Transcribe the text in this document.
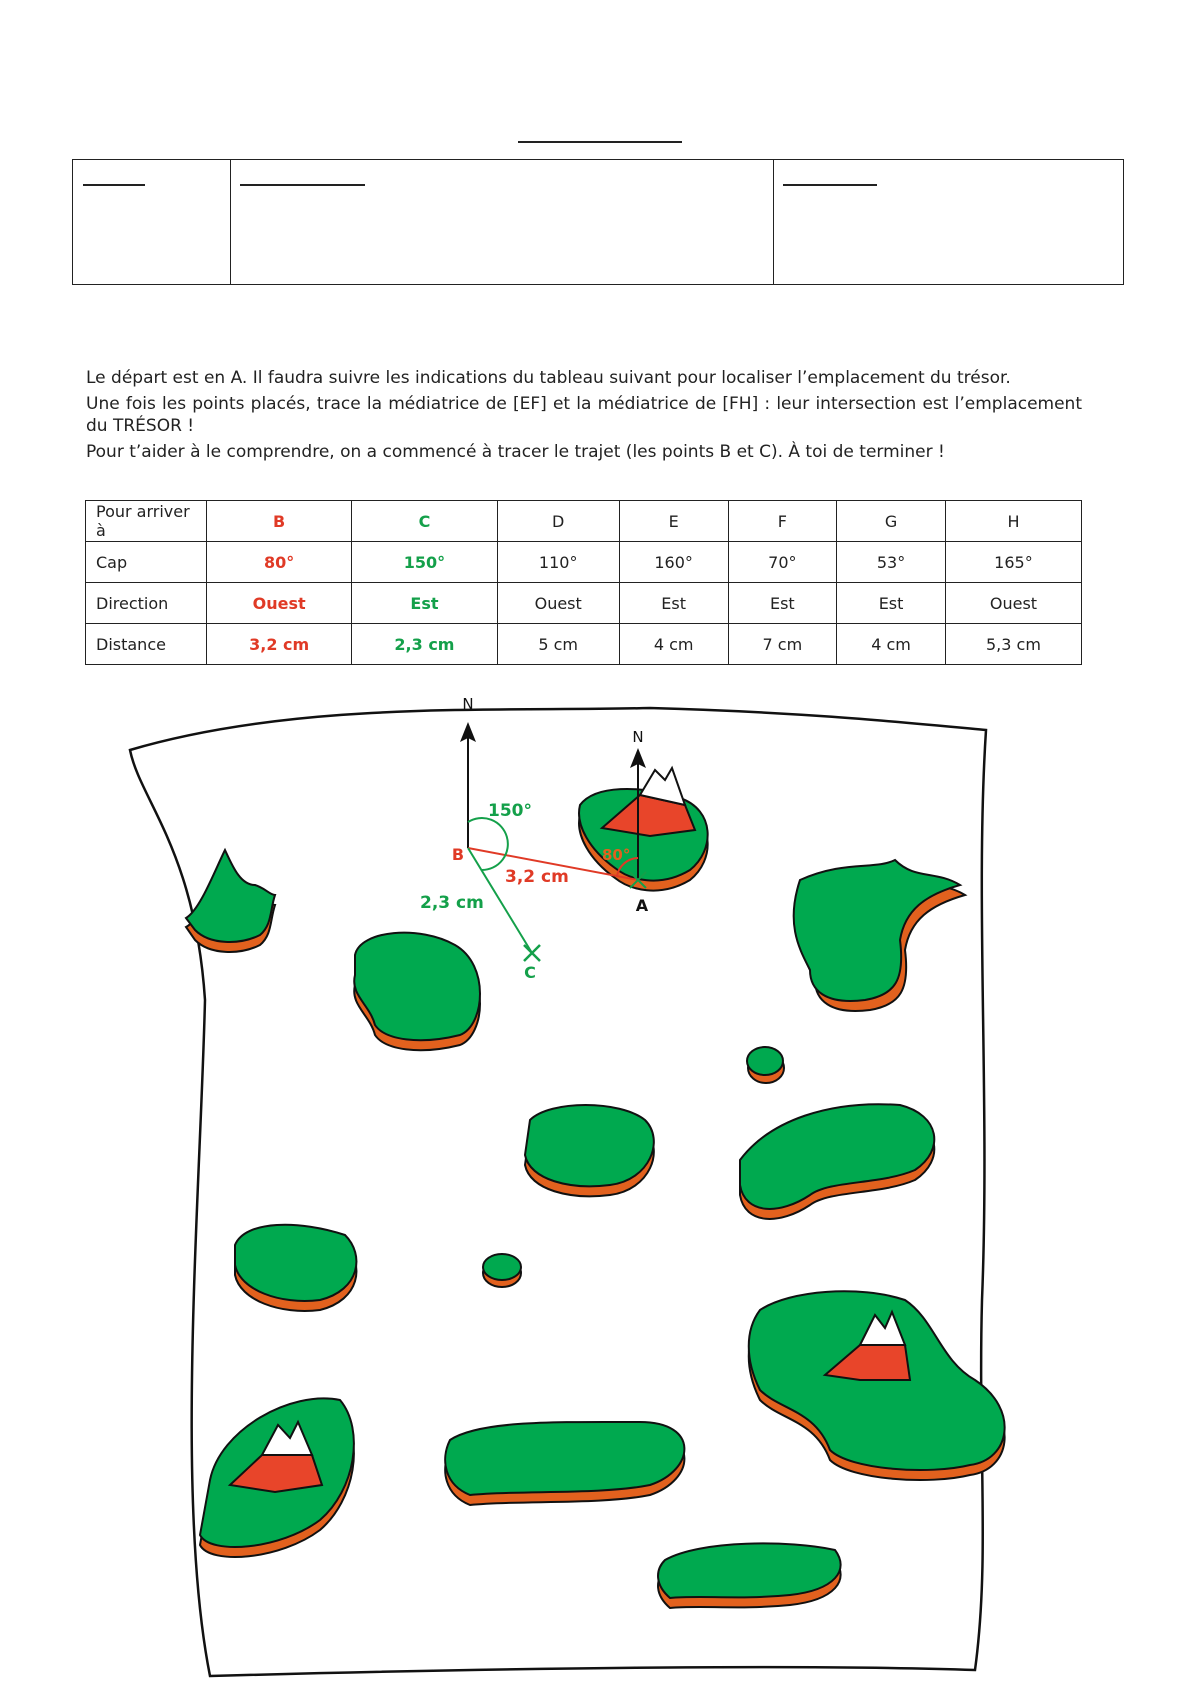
Le départ est en A. Il faudra suivre les indications du tableau suivant pour localiser l’emplacement du trésor.

Une fois les points placés, trace la médiatrice de [EF] et la médiatrice de [FH] : leur intersection est l’emplacement du TRÉSOR !

Pour t’aider à le comprendre, on a commencé à tracer le trajet (les points B et C). À toi de terminer !

Pour arriver à	B	C	D	E	F	G	H
Cap	80°	150°	110°	160°	70°	53°	165°
Direction	Ouest	Est	Ouest	Est	Est	Est	Ouest
Distance	3,2 cm	2,3 cm	5 cm	4 cm	7 cm	4 cm	5,3 cm
N
N
A
B
C
150°
80°
3,2 cm
2,3 cm
